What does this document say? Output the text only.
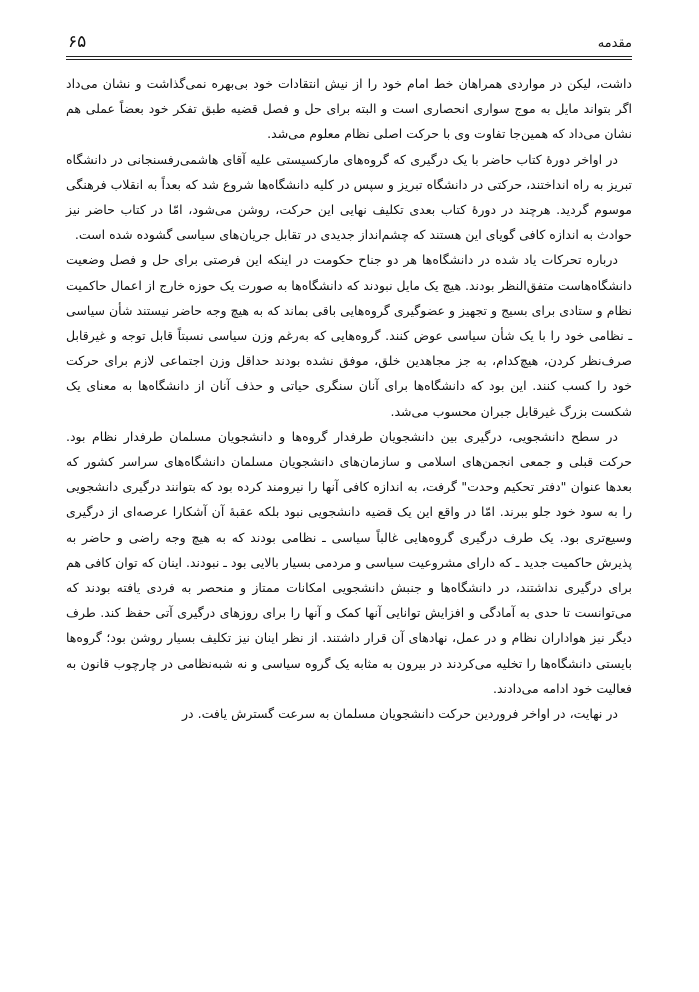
مقدمه
۶۵

داشت، لیکن در مواردی همراهان خط امام خود را از نیش انتقادات خود بی‌بهره نمی‌گذاشت و نشان می‌داد اگر بتواند مایل به موج سواری انحصاری است و البته برای حل و فصل قضیه طبق تفکر خود بعضاً عملی هم نشان می‌داد که همین‌جا تفاوت وی با حرکت اصلی نظام معلوم می‌شد.

در اواخر دورهٔ کتاب حاضر با یک درگیری که گروه‌های مارکسیستی علیه آقای هاشمی‌رفسنجانی در دانشگاه تبریز به راه انداختند، حرکتی در دانشگاه تبریز و سپس در کلیه دانشگاه‌ها شروع شد که بعداً به انقلاب فرهنگی موسوم گردید. هرچند در دورهٔ کتاب بعدی تکلیف نهایی این حرکت، روشن می‌شود، امّا در کتاب حاضر نیز حوادث به اندازه کافی گویای این هستند که چشم‌انداز جدیدی در تقابل جریان‌های سیاسی گشوده شده است.

درباره تحرکات یاد شده در دانشگاه‌ها هر دو جناح حکومت در اینکه این فرصتی برای حل و فصل وضعیت دانشگاه‌هاست متفق‌النظر بودند. هیچ یک مایل نبودند که دانشگاه‌ها به صورت یک حوزه خارج از اعمال حاکمیت نظام و ستادی برای بسیج و تجهیز و عضوگیری گروه‌هایی باقی بماند که به هیچ وجه حاضر نیستند شأن سیاسی ـ نظامی خود را با یک شأن سیاسی عوض کنند. گروه‌هایی که به‌رغم وزن سیاسی نسبتاً قابل توجه و غیرقابل صرف‌نظر کردن، هیچ‌کدام، به جز مجاهدین خلق، موفق نشده بودند حداقل وزن اجتماعی لازم برای حرکت خود را کسب کنند. این بود که دانشگاه‌ها برای آنان سنگری حیاتی و حذف آنان از دانشگاه‌ها به معنای یک شکست بزرگ غیرقابل جبران محسوب می‌شد.

در سطح دانشجویی، درگیری بین دانشجویان طرفدار گروه‌ها و دانشجویان مسلمان طرفدار نظام بود. حرکت قبلی و جمعی انجمن‌های اسلامی و سازمان‌های دانشجویان مسلمان دانشگاه‌های سراسر کشور که بعدها عنوان "دفتر تحکیم وحدت" گرفت، به اندازه کافی آنها را نیرومند کرده بود که بتوانند درگیری دانشجویی را به سود خود جلو ببرند. امّا در واقع این یک قضیه دانشجویی نبود بلکه عقبهٔ آن آشکارا عرصه‌ای از درگیری وسیع‌تری بود. یک طرف درگیری گروه‌هایی غالباً سیاسی ـ نظامی بودند که به هیچ وجه راضی و حاضر به پذیرش حاکمیت جدید ـ که دارای مشروعیت سیاسی و مردمی بسیار بالایی بود ـ نبودند. اینان که توان کافی هم برای درگیری نداشتند، در دانشگاه‌ها و جنبش دانشجویی امکانات ممتاز و منحصر به فردی یافته بودند که می‌توانست تا حدی به آمادگی و افزایش توانایی آنها کمک و آنها را برای روزهای درگیری آتی حفظ کند. طرف دیگر نیز هواداران نظام و در عمل، نهادهای آن قرار داشتند. از نظر اینان نیز تکلیف بسیار روشن بود؛ گروه‌ها بایستی دانشگاه‌ها را تخلیه می‌کردند در بیرون به مثابه یک گروه سیاسی و نه شبه‌نظامی در چارچوب قانون به فعالیت خود ادامه می‌دادند.

در نهایت، در اواخر فروردین حرکت دانشجویان مسلمان به سرعت گسترش یافت. در
